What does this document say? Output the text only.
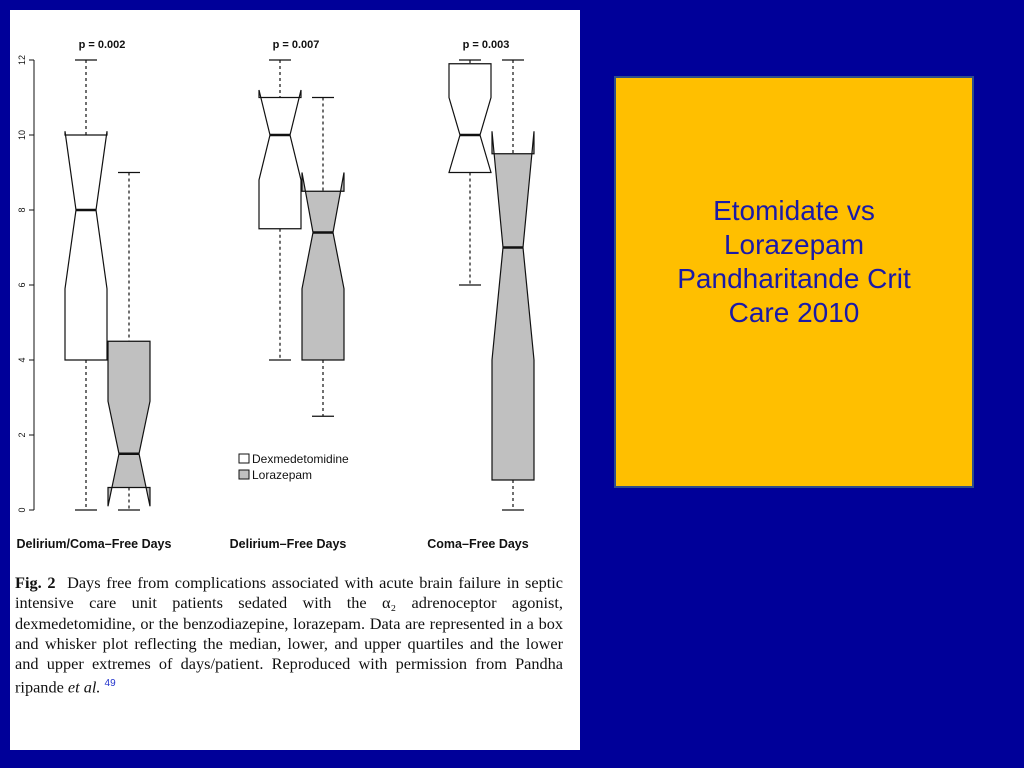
0
2
4
6
8
10
12
Delirium/Coma–Free Days
p = 0.002
Delirium–Free Days
p = 0.007
Coma–Free Days
p = 0.003
Dexmedetomidine
Lorazepam
Fig. 2 Days free from complications associated with acute brain failure in septic intensive care unit patients sedated with the α₂ adrenoceptor agonist, dexmedetomidine, or the benzodiazepine, lorazepam. Data are represented in a box and whisker plot reflecting the median, lower, and upper quartiles and the lower and upper extremes of days/patient. Reproduced with permission from Pandha ripande et al. $^{49}$
Etomidate vs
Lorazepam
Pandharitande Crit
Care 2010
